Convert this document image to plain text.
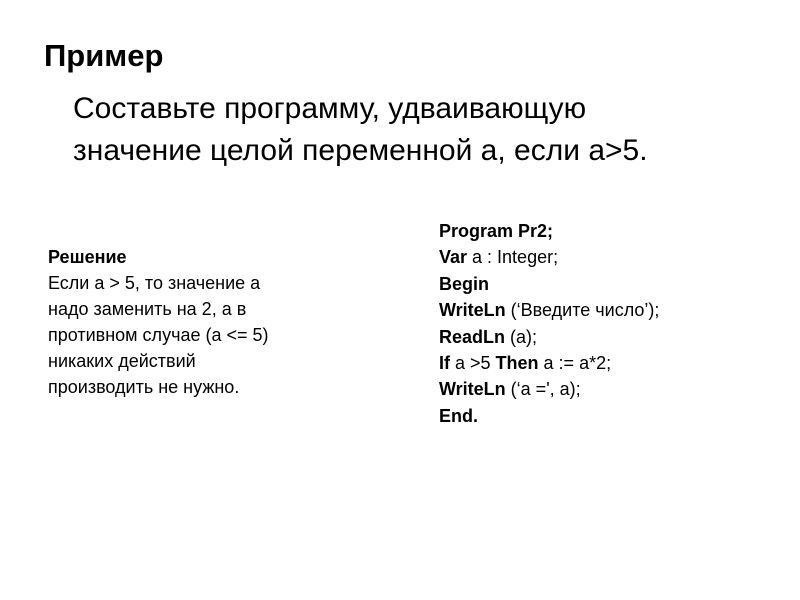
Пример
Составьте программу, удваивающую
значение целой переменной а, если а>5.
Решение
Если а > 5, то значение а
надо заменить на 2, а в
противном случае (а <= 5)
никаких действий
производить не нужно.
Program Pr2;
Var a : Integer;
Begin
WriteLn (‘Введите число’);
ReadLn (a);
If a >5 Then a := a*2;
WriteLn (‘a =', a);
End.
